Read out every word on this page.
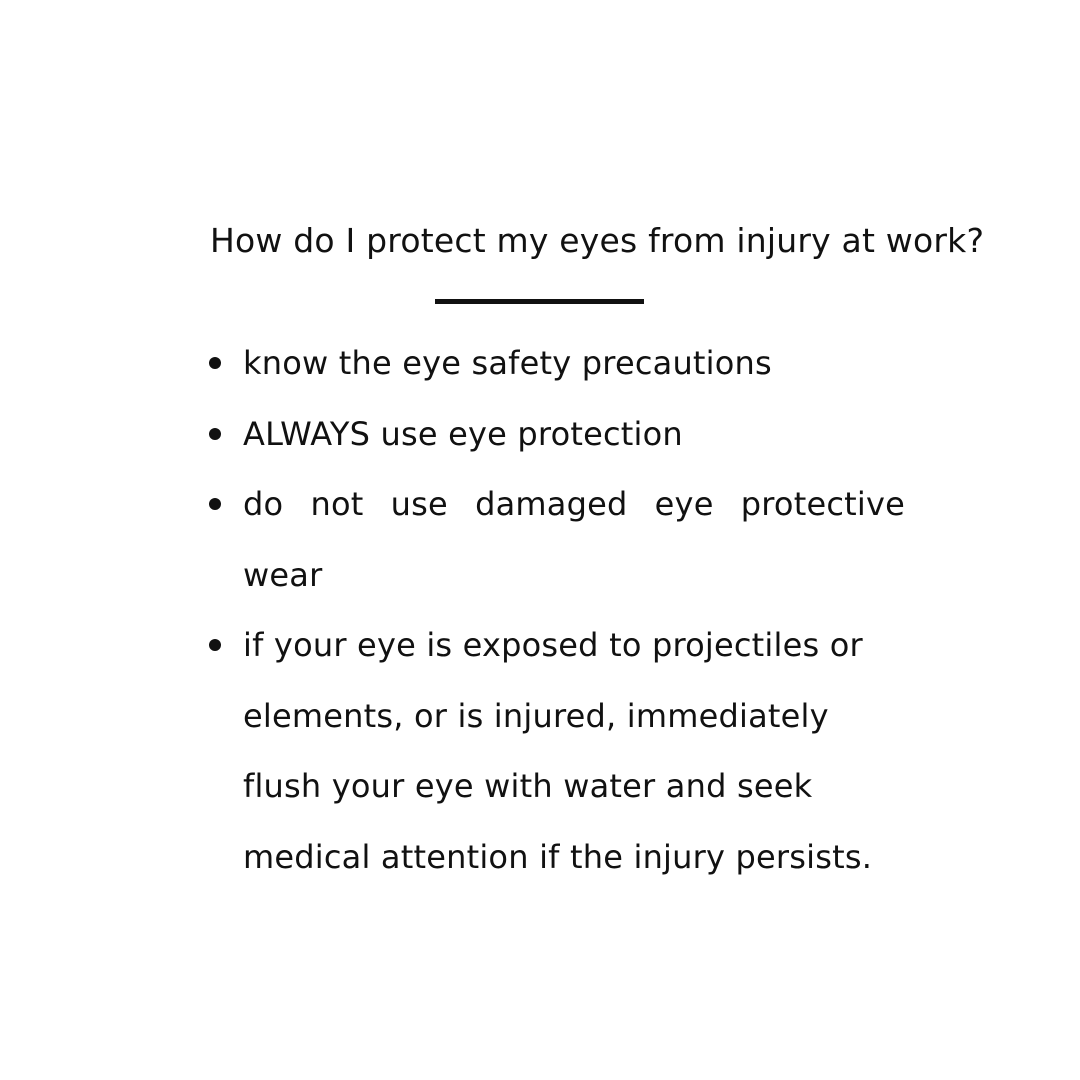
How do I protect my eyes from injury at work?
know the eye safety precautions
ALWAYS use eye protection
do not use damaged eye protective wear
if your eye is exposed to projectiles or elements, or is injured, immediately flush your eye with water and seek medical attention if the injury persists.
